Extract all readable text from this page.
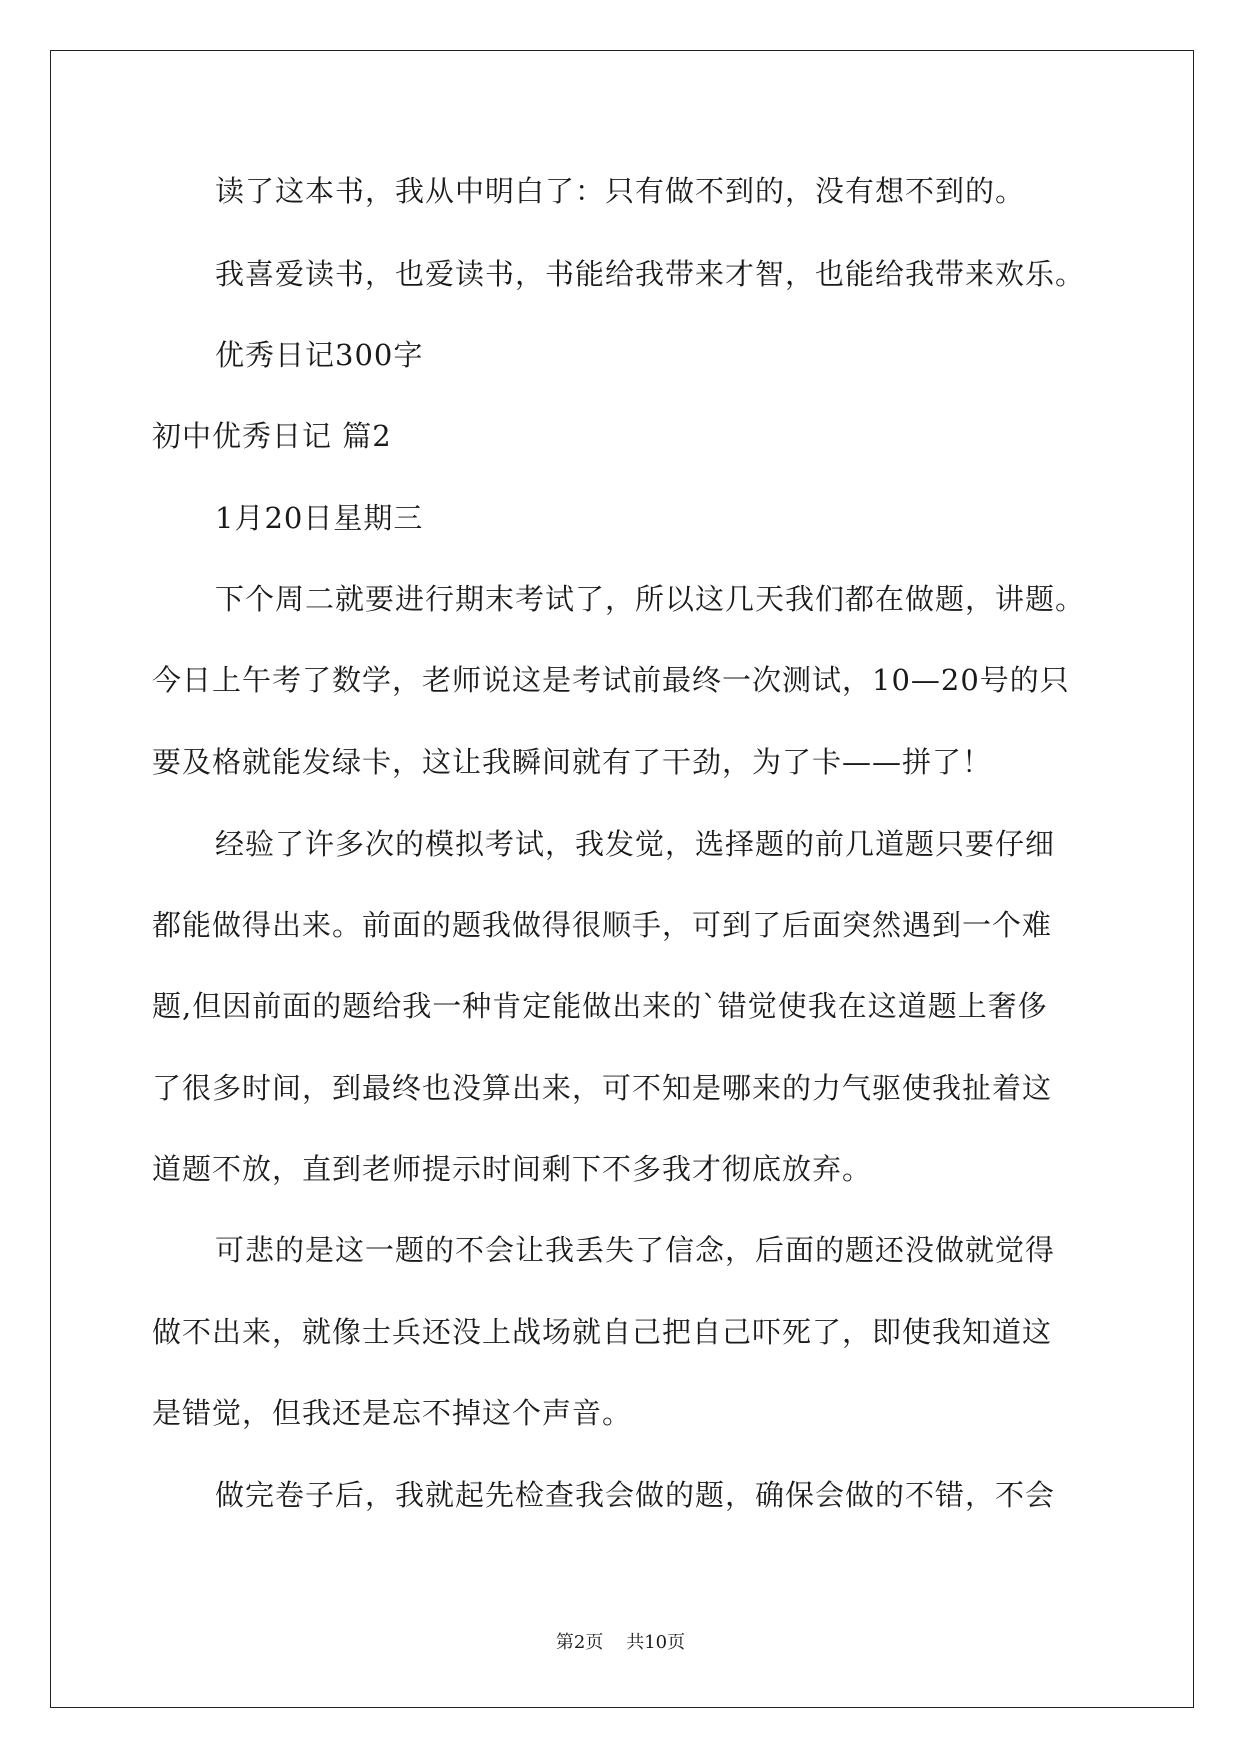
读了这本书，我从中明白了：只有做不到的，没有想不到的。
我喜爱读书，也爱读书，书能给我带来才智，也能给我带来欢乐。
优秀日记300字
初中优秀日记 篇2
1月20日星期三
下个周二就要进行期末考试了，所以这几天我们都在做题，讲题。
今日上午考了数学，老师说这是考试前最终一次测试，10—20号的只
要及格就能发绿卡，这让我瞬间就有了干劲，为了卡——拼了！
经验了许多次的模拟考试，我发觉，选择题的前几道题只要仔细
都能做得出来。前面的题我做得很顺手，可到了后面突然遇到一个难
题,但因前面的题给我一种肯定能做出来的`错觉使我在这道题上奢侈
了很多时间，到最终也没算出来，可不知是哪来的力气驱使我扯着这
道题不放，直到老师提示时间剩下不多我才彻底放弃。
可悲的是这一题的不会让我丢失了信念，后面的题还没做就觉得
做不出来，就像士兵还没上战场就自己把自己吓死了，即使我知道这
是错觉，但我还是忘不掉这个声音。
做完卷子后，我就起先检查我会做的题，确保会做的不错，不会
第2页    共10页
